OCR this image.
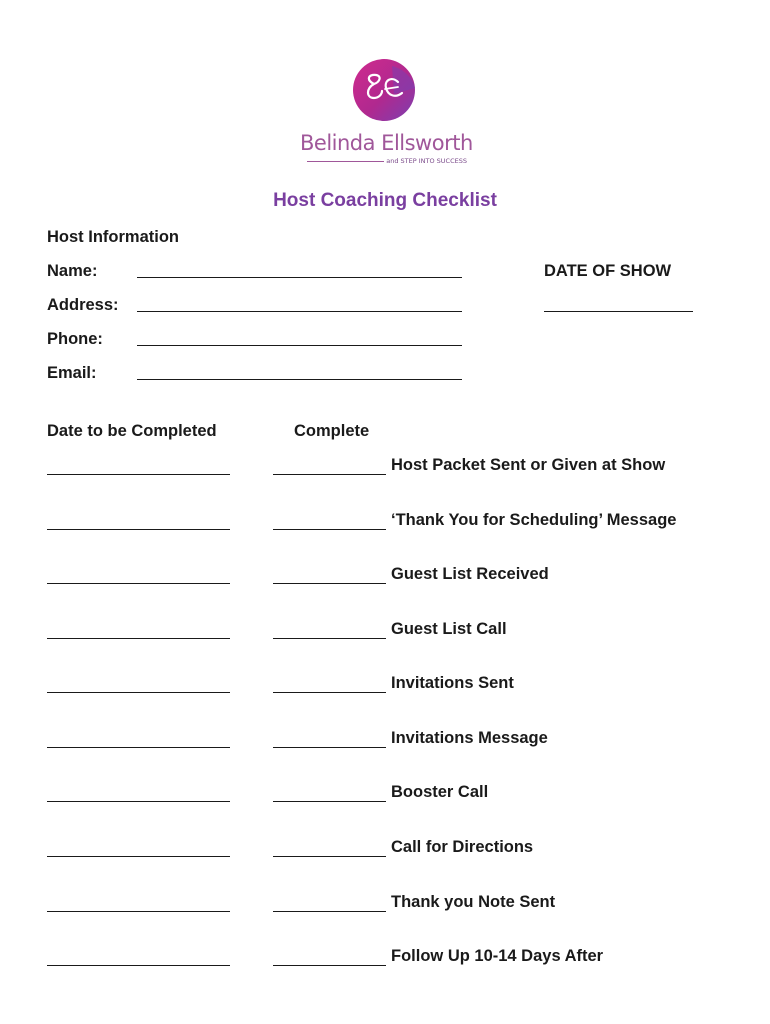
Belinda Ellsworth
and STEP INTO SUCCESS
Host Coaching Checklist
Host Information
Name:
Address:
Phone:
Email:
DATE OF SHOW
Date to be Completed	Complete
Host Packet Sent or Given at Show
‘Thank You for Scheduling’ Message
Guest List Received
Guest List Call
Invitations Sent
Invitations Message
Booster Call
Call for Directions
Thank you Note Sent
Follow Up 10-14 Days After
